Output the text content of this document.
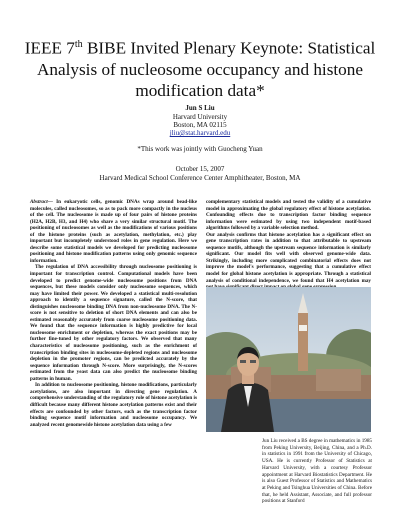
IEEE 7th BIBE Invited Plenary Keynote: Statistical Analysis of nucleosome occupancy and histone modification data*
Jun S Liu
Harvard University
Boston, MA 02115
jliu@stat.harvard.edu
*This work was jointly with Guocheng Yuan
October 15, 2007
Harvard Medical School Conference Center Amphitheater, Boston, MA

Abstract— In eukaryotic cells, genomic DNAs wrap around bead-like molecules, called nucleosomes, so as to pack more compactly in the nucleus of the cell. The nucleosome is made up of four pairs of histone proteins (H2A, H2B, H3, and H4) who share a very similar structural motif. The positioning of nucleosomes as well as the modifications of various positions of the histone proteins (such as acetylation, methylation, etc.) play important but incompletely understood roles in gene regulation. Here we describe some statistical models we developed for predicting nucleosome positioning and histone modification patterns using only genomic sequence information.

The regulation of DNA accessibility through nucleosome positioning is important for transcription control. Computational models have been developed to predict genome-wide nucleosome positions from DNA sequences, but these models consider only nucleosome sequences, which may have limited their power. We developed a statistical multi-resolution approach to identify a sequence signature, called the N-score, that distinguishes nucleosome binding DNA from non-nucleosome DNA. The N-score is not sensitive to deletion of short DNA elements and can also be estimated reasonably accurately from coarse nucleosome positioning data. We found that the sequence information is highly predictive for local nucleosome enrichment or depletion, whereas the exact positions may be further fine-tuned by other regulatory factors. We observed that many characteristics of nucleosome positioning, such as the enrichment of transcription binding sites in nucleosome-depleted regions and nucleosome depletion in the promoter regions, can be predicted accurately by the sequence information through N-score. More surprisingly, the N-scores estimated from the yeast data can also predict the nucleosome binding patterns in human.

In addition to nucleosome positioning, histone modifications, particularly acetylations, are also important in directing gene regulation. A comprehensive understanding of the regulatory role of histone acetylation is difficult because many different histone acetylation patterns exist and their effects are confounded by other factors, such as the transcription factor binding sequence motif information and nucleosome occupancy. We analyzed recent genomewide histone acetylation data using a few

complementary statistical models and tested the validity of a cumulative model in approximating the global regulatory effect of histone acetylation. Confounding effects due to transcription factor binding sequence information were estimated by using two independent motif-based algorithms followed by a variable selection method.

Our analysis confirms that histone acetylation has a significant effect on gene transcription rates in addition to that attributable to upstream sequence motifs, although the upstream sequence information is similarly significant. Our model fits well with observed genome-wide data. Strikingly, including more complicated combinatorial effects does not improve the model's performance, suggesting that a cumulative effect model for global histone acetylation is appropriate. Through a statistical analysis of conditional independence, we found that H4 acetylation may

Jun Liu received a BS degree in mathematics in 1985 from Peking University, Beijing, China, and a Ph.D. in statistics in 1991 from the University of Chicago, USA. He is currently Professor of Statistics at Harvard University, with a courtesy Professor appointment at Harvard Biostatistics Department. He is also Guest Professor of Statistics and Mathematics at Peking and Tsinghua Universities of China. Before that, he held Assistant, Associate, and full professor positions at Stanford
